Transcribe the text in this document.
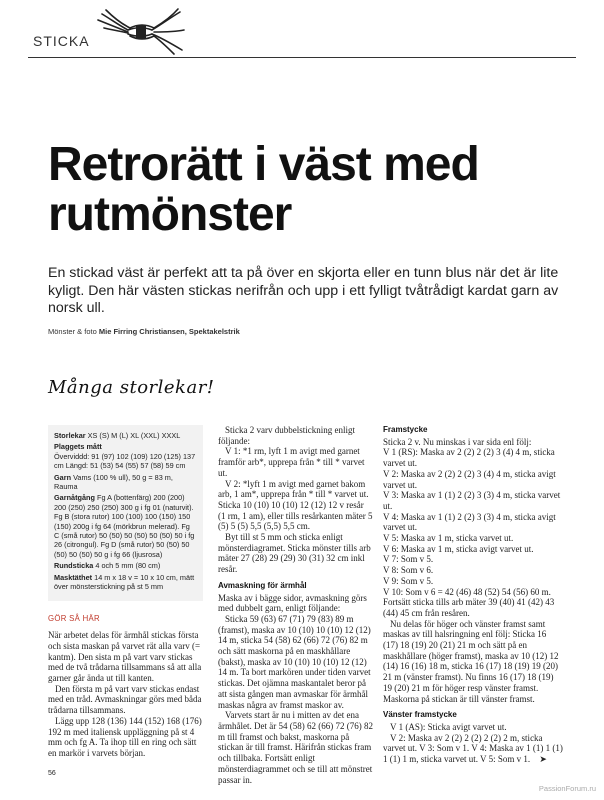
STICKA
Retrorätt i väst med rutmönster

En stickad väst är perfekt att ta på över en skjorta eller en tunn blus när det är lite kyligt. Den här västen stickas nerifrån och upp i ett fylligt tvåtrådigt kardat garn av norsk ull.

Mönster & foto Mie Firring Christiansen, Spektakelstrik

Många storlekar!

Storlekar XS (S) M (L) XL (XXL) XXXL

Plaggets mått
Överviddd: 91 (97) 102 (109) 120 (125) 137 cm Längd: 51 (53) 54 (55) 57 (58) 59 cm

Garn Vams (100 % ull), 50 g = 83 m, Rauma

Garnåtgång Fg A (bottenfärg) 200 (200) 200 (250) 250 (250) 300 g i fg 01 (naturvit). Fg B (stora rutor) 100 (100) 100 (150) 150 (150) 200g i fg 64 (mörkbrun melerad). Fg C (små rutor) 50 (50) 50 (50) 50 (50) 50 i fg 26 (citrongul). Fg D (små rutor) 50 (50) 50 (50) 50 (50) 50 g i fg 66 (ljusrosa)

Rundsticka 4 och 5 mm (80 cm)

Masktäthet 14 m x 18 v = 10 x 10 cm, mätt över mönsterstickning på st 5 mm

GÖR SÅ HÄR

När arbetet delas för ärmhål stickas första och sista maskan på varvet rät alla varv (= kantm). Den sista m på vart varv stickas med de två trådarna tillsammans så att alla garner går ända ut till kanten.

Den första m på vart varv stickas endast med en tråd. Avmaskningar görs med båda trådarna tillsammans.

Lägg upp 128 (136) 144 (152) 168 (176) 192 m med italiensk uppläggning på st 4 mm och fg A. Ta ihop till en ring och sätt en markör i varvets början.

Sticka 2 varv dubbelstickning enligt följande:

V 1: *1 rm, lyft 1 m avigt med garnet framför arb*, upprepa från * till * varvet ut.

V 2: *lyft 1 m avigt med garnet bakom arb, 1 am*, upprepa från * till * varvet ut. Sticka 10 (10) 10 (10) 12 (12) 12 v resår (1 rm, 1 am), eller tills resårkanten mäter 5 (5) 5 (5) 5,5 (5,5) 5,5 cm.

Byt till st 5 mm och sticka enligt mönsterdiagramet. Sticka mönster tills arb mäter 27 (28) 29 (29) 30 (31) 32 cm inkl resår.

Avmaskning för ärmhål

Maska av i bägge sidor, avmaskning görs med dubbelt garn, enligt följande:

Sticka 59 (63) 67 (71) 79 (83) 89 m (framst), maska av 10 (10) 10 (10) 12 (12) 14 m, sticka 54 (58) 62 (66) 72 (76) 82 m och sätt maskorna på en maskhållare (bakst), maska av 10 (10) 10 (10) 12 (12) 14 m. Ta bort markören under tiden varvet stickas. Det ojämna maskantalet beror på att sista gången man avmaskar för ärmhål maskas några av framst maskor av.

Varvets start är nu i mitten av det ena ärmhålet. Det är 54 (58) 62 (66) 72 (76) 82 m till framst och bakst, maskorna på stickan är till framst. Härifrån stickas fram och tillbaka. Fortsätt enligt mönsterdiagrammet och se till att mönstret passar in.

Framstycke

Sticka 2 v. Nu minskas i var sida enl följ:

V 1 (RS): Maska av 2 (2) 2 (2) 3 (4) 4 m, sticka varvet ut.

V 2: Maska av 2 (2) 2 (2) 3 (4) 4 m, sticka avigt varvet ut.

V 3: Maska av 1 (1) 2 (2) 3 (3) 4 m, sticka varvet ut.

V 4: Maska av 1 (1) 2 (2) 3 (3) 4 m, sticka avigt varvet ut.

V 5: Maska av 1 m, sticka varvet ut.

V 6: Maska av 1 m, sticka avigt varvet ut.

V 7: Som v 5.

V 8: Som v 6.

V 9: Som v 5.

V 10: Som v 6 = 42 (46) 48 (52) 54 (56) 60 m.

Fortsätt sticka tills arb mäter 39 (40) 41 (42) 43 (44) 45 cm från resåren.

Nu delas för höger och vänster framst samt maskas av till halsringning enl följ: Sticka 16 (17) 18 (19) 20 (21) 21 m och sätt på en maskhållare (höger framst), maska av 10 (12) 12 (14) 16 (16) 18 m, sticka 16 (17) 18 (19) 19 (20) 21 m (vänster framst). Nu finns 16 (17) 18 (19) 19 (20) 21 m för höger resp vänster framst. Maskorna på stickan är till vänster framst.

Vänster framstycke

V 1 (AS): Sticka avigt varvet ut.

V 2: Maska av 2 (2) 2 (2) 2 (2) 2 m, sticka varvet ut. V 3: Som v 1. V 4: Maska av 1 (1) 1 (1) 1 (1) 1 m, sticka varvet ut. V 5: Som v 1. ➤

56
PassionForum.ru
